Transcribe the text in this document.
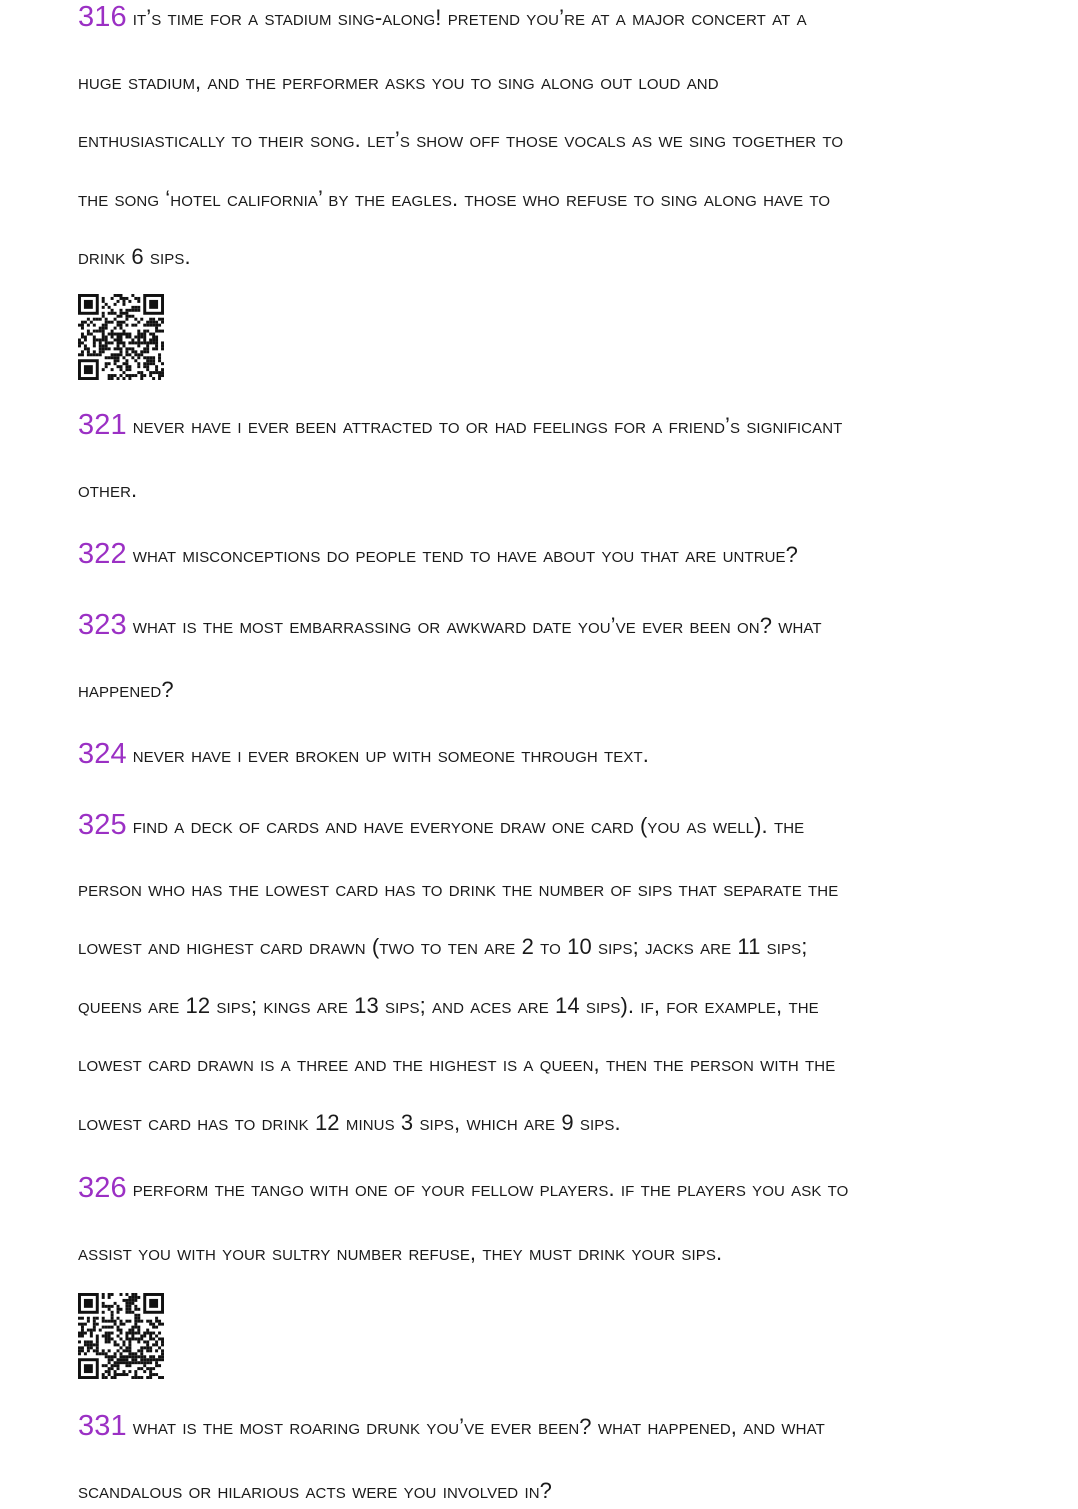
316 it’s time for a stadium sing-along! pretend you’re at a major concert at a
huge stadium, and the performer asks you to sing along out loud and
enthusiastically to their song. let’s show off those vocals as we sing together to
the song ‘hotel california’ by the eagles. those who refuse to sing along have to
drink 6 sips.
321 never have i ever been attracted to or had feelings for a friend’s significant
other.
322 what misconceptions do people tend to have about you that are untrue?
323 what is the most embarrassing or awkward date you’ve ever been on? what
happened?
324 never have i ever broken up with someone through text.
325 find a deck of cards and have everyone draw one card (you as well). the
person who has the lowest card has to drink the number of sips that separate the
lowest and highest card drawn (two to ten are 2 to 10 sips; jacks are 11 sips;
queens are 12 sips; kings are 13 sips; and aces are 14 sips). if, for example, the
lowest card drawn is a three and the highest is a queen, then the person with the
lowest card has to drink 12 minus 3 sips, which are 9 sips.
326 perform the tango with one of your fellow players. if the players you ask to
assist you with your sultry number refuse, they must drink your sips.
331 what is the most roaring drunk you’ve ever been? what happened, and what
scandalous or hilarious acts were you involved in?
